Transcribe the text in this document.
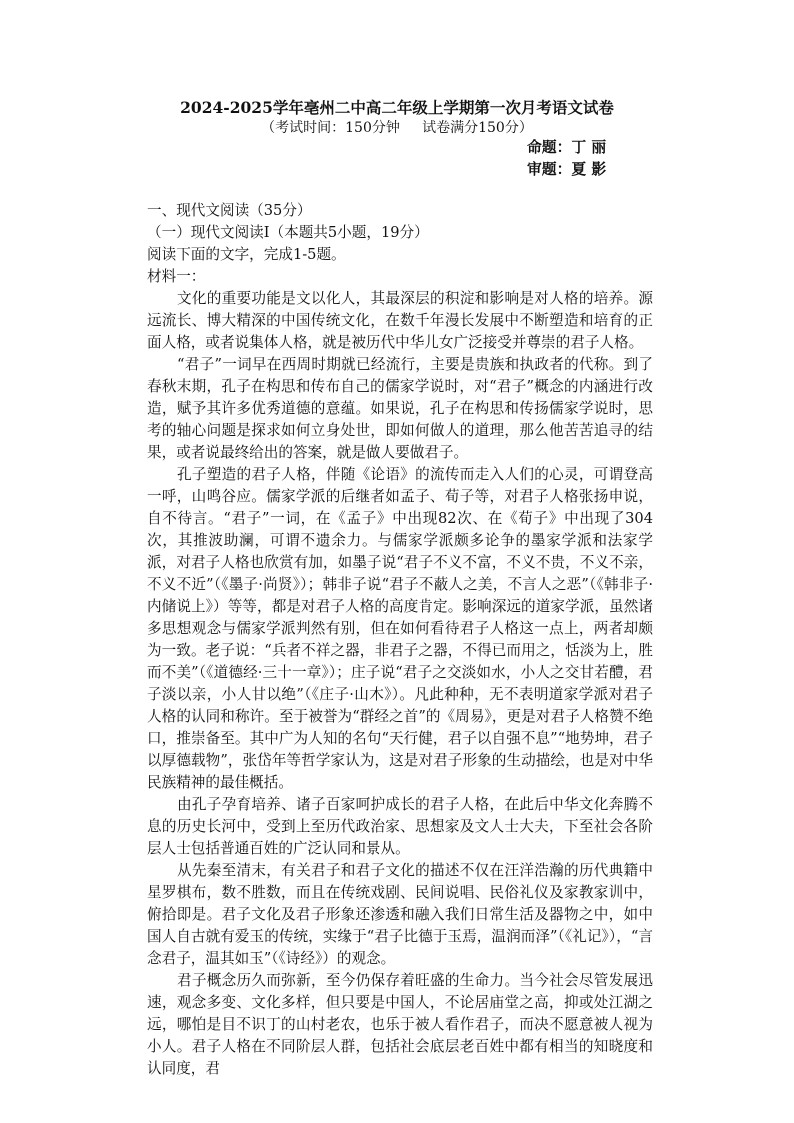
2024-2025学年亳州二中高二年级上学期第一次月考语文试卷
（考试时间：150分钟     试卷满分150分）
命题：丁 丽
审题：夏 影

一、现代文阅读（35分）

（一）现代文阅读Ⅰ（本题共5小题，19分）

阅读下面的文字，完成1-5题。

材料一：

文化的重要功能是文以化人，其最深层的积淀和影响是对人格的培养。源远流长、博大精深的中国传统文化，在数千年漫长发展中不断塑造和培育的正面人格，或者说集体人格，就是被历代中华儿女广泛接受并尊崇的君子人格。

“君子”一词早在西周时期就已经流行，主要是贵族和执政者的代称。到了春秋末期，孔子在构思和传布自己的儒家学说时，对“君子”概念的内涵进行改造，赋予其许多优秀道德的意蕴。如果说，孔子在构思和传扬儒家学说时，思考的轴心问题是探求如何立身处世，即如何做人的道理，那么他苦苦追寻的结果，或者说最终给出的答案，就是做人要做君子。

孔子塑造的君子人格，伴随《论语》的流传而走入人们的心灵，可谓登高一呼，山鸣谷应。儒家学派的后继者如孟子、荀子等，对君子人格张扬申说，自不待言。“君子”一词，在《孟子》中出现82次、在《荀子》中出现了304次，其推波助澜，可谓不遗余力。与儒家学派颇多论争的墨家学派和法家学派，对君子人格也欣赏有加，如墨子说“君子不义不富，不义不贵，不义不亲，不义不近”（《墨子·尚贤》）；韩非子说“君子不蔽人之美，不言人之恶”（《韩非子·内储说上》）等等，都是对君子人格的高度肯定。影响深远的道家学派，虽然诸多思想观念与儒家学派判然有别，但在如何看待君子人格这一点上，两者却颇为一致。老子说：“兵者不祥之器，非君子之器，不得已而用之，恬淡为上，胜而不美”（《道德经·三十一章》）；庄子说“君子之交淡如水，小人之交甘若醴，君子淡以亲，小人甘以绝”（《庄子·山木》）。凡此种种，无不表明道家学派对君子人格的认同和称许。至于被誉为“群经之首”的《周易》，更是对君子人格赞不绝口，推崇备至。其中广为人知的名句“天行健，君子以自强不息”“地势坤，君子以厚德载物”，张岱年等哲学家认为，这是对君子形象的生动描绘，也是对中华民族精神的最佳概括。

由孔子孕育培养、诸子百家呵护成长的君子人格，在此后中华文化奔腾不息的历史长河中，受到上至历代政治家、思想家及文人士大夫，下至社会各阶层人士包括普通百姓的广泛认同和景从。

从先秦至清末，有关君子和君子文化的描述不仅在汪洋浩瀚的历代典籍中星罗棋布，数不胜数，而且在传统戏剧、民间说唱、民俗礼仪及家教家训中，俯拾即是。君子文化及君子形象还渗透和融入我们日常生活及器物之中，如中国人自古就有爱玉的传统，实缘于“君子比德于玉焉，温润而泽”（《礼记》），“言念君子，温其如玉”（《诗经》）的观念。

君子概念历久而弥新，至今仍保存着旺盛的生命力。当今社会尽管发展迅速，观念多变、文化多样，但只要是中国人，不论居庙堂之高，抑或处江湖之远，哪怕是目不识丁的山村老农，也乐于被人看作君子，而决不愿意被人视为小人。君子人格在不同阶层人群，包括社会底层老百姓中都有相当的知晓度和认同度，君
